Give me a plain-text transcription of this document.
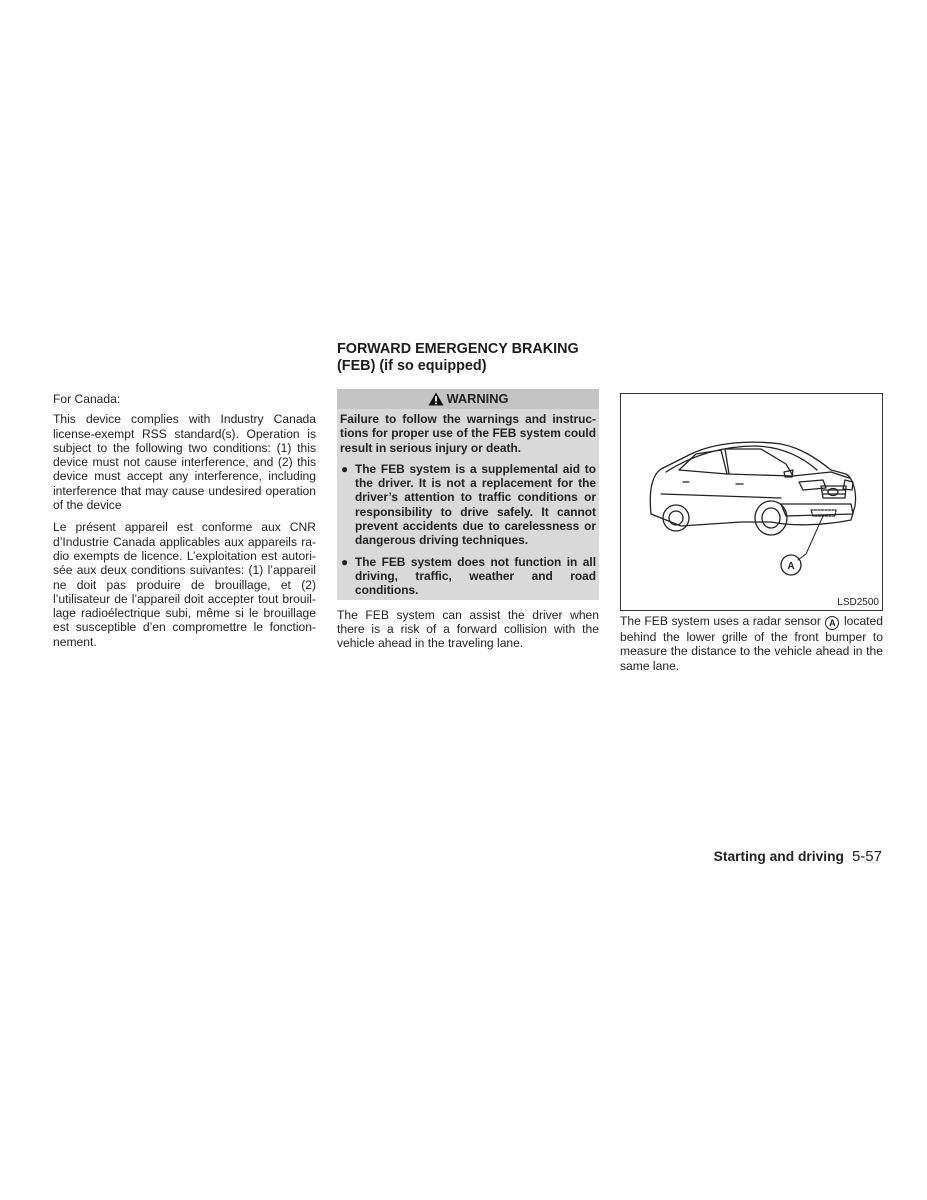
For Canada:

This device complies with Industry Canada license-exempt RSS standard(s). Operation is subject to the following two conditions: (1) this device must not cause interference, and (2) this device must accept any interference, including interference that may cause undesired operation of the device

Le présent appareil est conforme aux CNR d’Industrie Canada applicables aux appareils radio exempts de licence. L’exploitation est autorisée aux deux conditions suivantes: (1) l’appareil ne doit pas produire de brouillage, et (2) l’utilisateur de l’appareil doit accepter tout brouillage radioélectrique subi, même si le brouillage est susceptible d’en compromettre le fonctionnement.

FORWARD EMERGENCY BRAKING
(FEB) (if so equipped)
WARNING

Failure to follow the warnings and instructions for proper use of the FEB system could result in serious injury or death.

● The FEB system is a supplemental aid to the driver. It is not a replacement for the driver’s attention to traffic conditions or responsibility to drive safely. It cannot prevent accidents due to carelessness or dangerous driving techniques.
● The FEB system does not function in all driving, traffic, weather and road conditions.

The FEB system can assist the driver when there is a risk of a forward collision with the vehicle ahead in the traveling lane.

A
LSD2500

The FEB system uses a radar sensor A located behind the lower grille of the front bumper to measure the distance to the vehicle ahead in the same lane.

Starting and driving 5-57
